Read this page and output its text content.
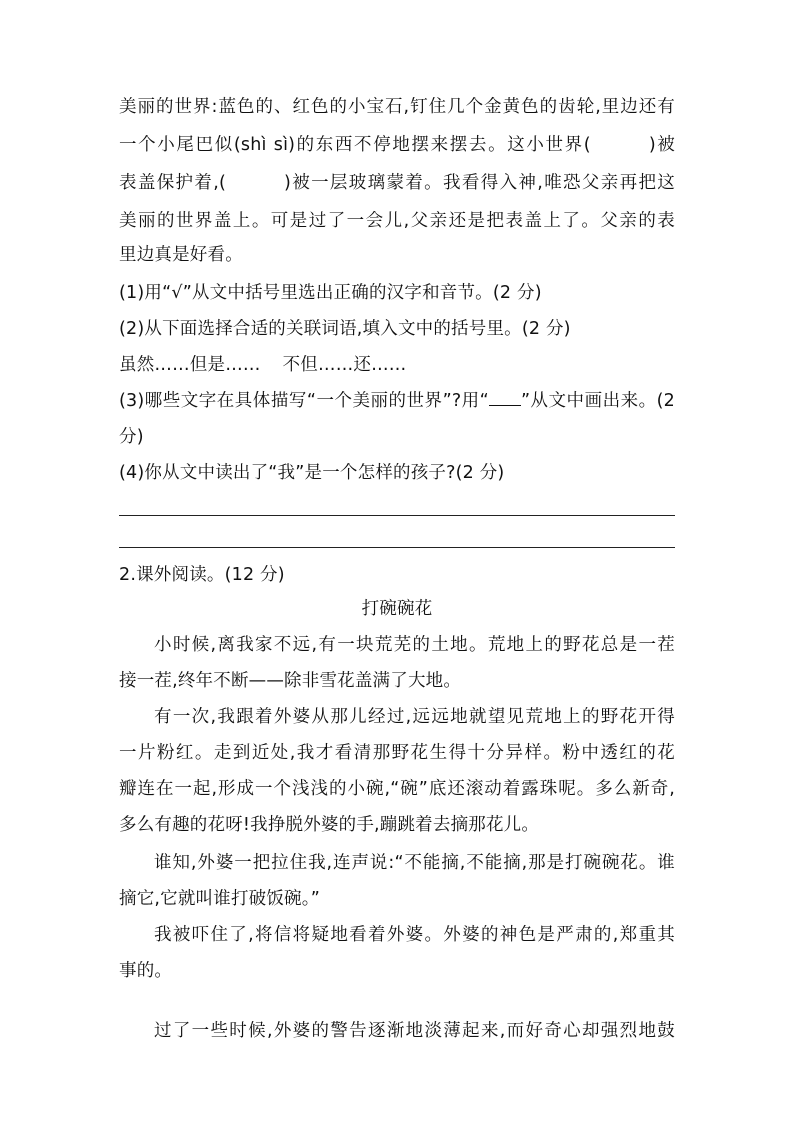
美丽的世界:蓝色的、红色的小宝石,钉住几个金黄色的齿轮,里边还有
一个小尾巴似(shì sì)的东西不停地摆来摆去。这小世界(	)被
表盖保护着,(	)被一层玻璃蒙着。我看得入神,唯恐父亲再把这
美丽的世界盖上。可是过了一会儿,父亲还是把表盖上了。父亲的表
里边真是好看。
(1)用“√”从文中括号里选出正确的汉字和音节。(2 分)
(2)从下面选择合适的关联词语,填入文中的括号里。(2 分)
虽然……但是…… 不但……还……
(3)哪些文字在具体描写“一个美丽的世界”?用“ ”从文中画出来。(2
分)
(4)你从文中读出了“我”是一个怎样的孩子?(2 分)
2.课外阅读。(12 分)
打碗碗花
小时候,离我家不远,有一块荒芜的土地。荒地上的野花总是一茬
接一茬,终年不断——除非雪花盖满了大地。
有一次,我跟着外婆从那儿经过,远远地就望见荒地上的野花开得
一片粉红。走到近处,我才看清那野花生得十分异样。粉中透红的花
瓣连在一起,形成一个浅浅的小碗,“碗”底还滚动着露珠呢。多么新奇,
多么有趣的花呀!我挣脱外婆的手,蹦跳着去摘那花儿。
谁知,外婆一把拉住我,连声说:“不能摘,不能摘,那是打碗碗花。谁
摘它,它就叫谁打破饭碗。”
我被吓住了,将信将疑地看着外婆。外婆的神色是严肃的,郑重其
事的。
过了一些时候,外婆的警告逐渐地淡薄起来,而好奇心却强烈地鼓
